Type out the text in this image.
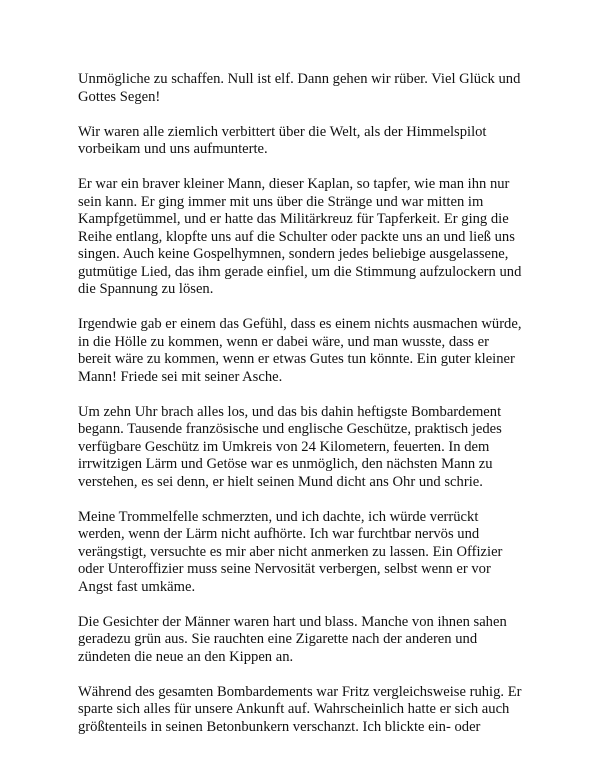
Unmögliche zu schaffen. Null ist elf. Dann gehen wir rüber. Viel Glück und
Gottes Segen!

Wir waren alle ziemlich verbittert über die Welt, als der Himmelspilot
vorbeikam und uns aufmunterte.

Er war ein braver kleiner Mann, dieser Kaplan, so tapfer, wie man ihn nur
sein kann. Er ging immer mit uns über die Stränge und war mitten im
Kampfgetümmel, und er hatte das Militärkreuz für Tapferkeit. Er ging die
Reihe entlang, klopfte uns auf die Schulter oder packte uns an und ließ uns
singen. Auch keine Gospelhymnen, sondern jedes beliebige ausgelassene,
gutmütige Lied, das ihm gerade einfiel, um die Stimmung aufzulockern und
die Spannung zu lösen.

Irgendwie gab er einem das Gefühl, dass es einem nichts ausmachen würde,
in die Hölle zu kommen, wenn er dabei wäre, und man wusste, dass er
bereit wäre zu kommen, wenn er etwas Gutes tun könnte. Ein guter kleiner
Mann! Friede sei mit seiner Asche.

Um zehn Uhr brach alles los, und das bis dahin heftigste Bombardement
begann. Tausende französische und englische Geschütze, praktisch jedes
verfügbare Geschütz im Umkreis von 24 Kilometern, feuerten. In dem
irrwitzigen Lärm und Getöse war es unmöglich, den nächsten Mann zu
verstehen, es sei denn, er hielt seinen Mund dicht ans Ohr und schrie.

Meine Trommelfelle schmerzten, und ich dachte, ich würde verrückt
werden, wenn der Lärm nicht aufhörte. Ich war furchtbar nervös und
verängstigt, versuchte es mir aber nicht anmerken zu lassen. Ein Offizier
oder Unteroffizier muss seine Nervosität verbergen, selbst wenn er vor
Angst fast umkäme.

Die Gesichter der Männer waren hart und blass. Manche von ihnen sahen
geradezu grün aus. Sie rauchten eine Zigarette nach der anderen und
zündeten die neue an den Kippen an.

Während des gesamten Bombardements war Fritz vergleichsweise ruhig. Er
sparte sich alles für unsere Ankunft auf. Wahrscheinlich hatte er sich auch
größtenteils in seinen Betonbunkern verschanzt. Ich blickte ein- oder
